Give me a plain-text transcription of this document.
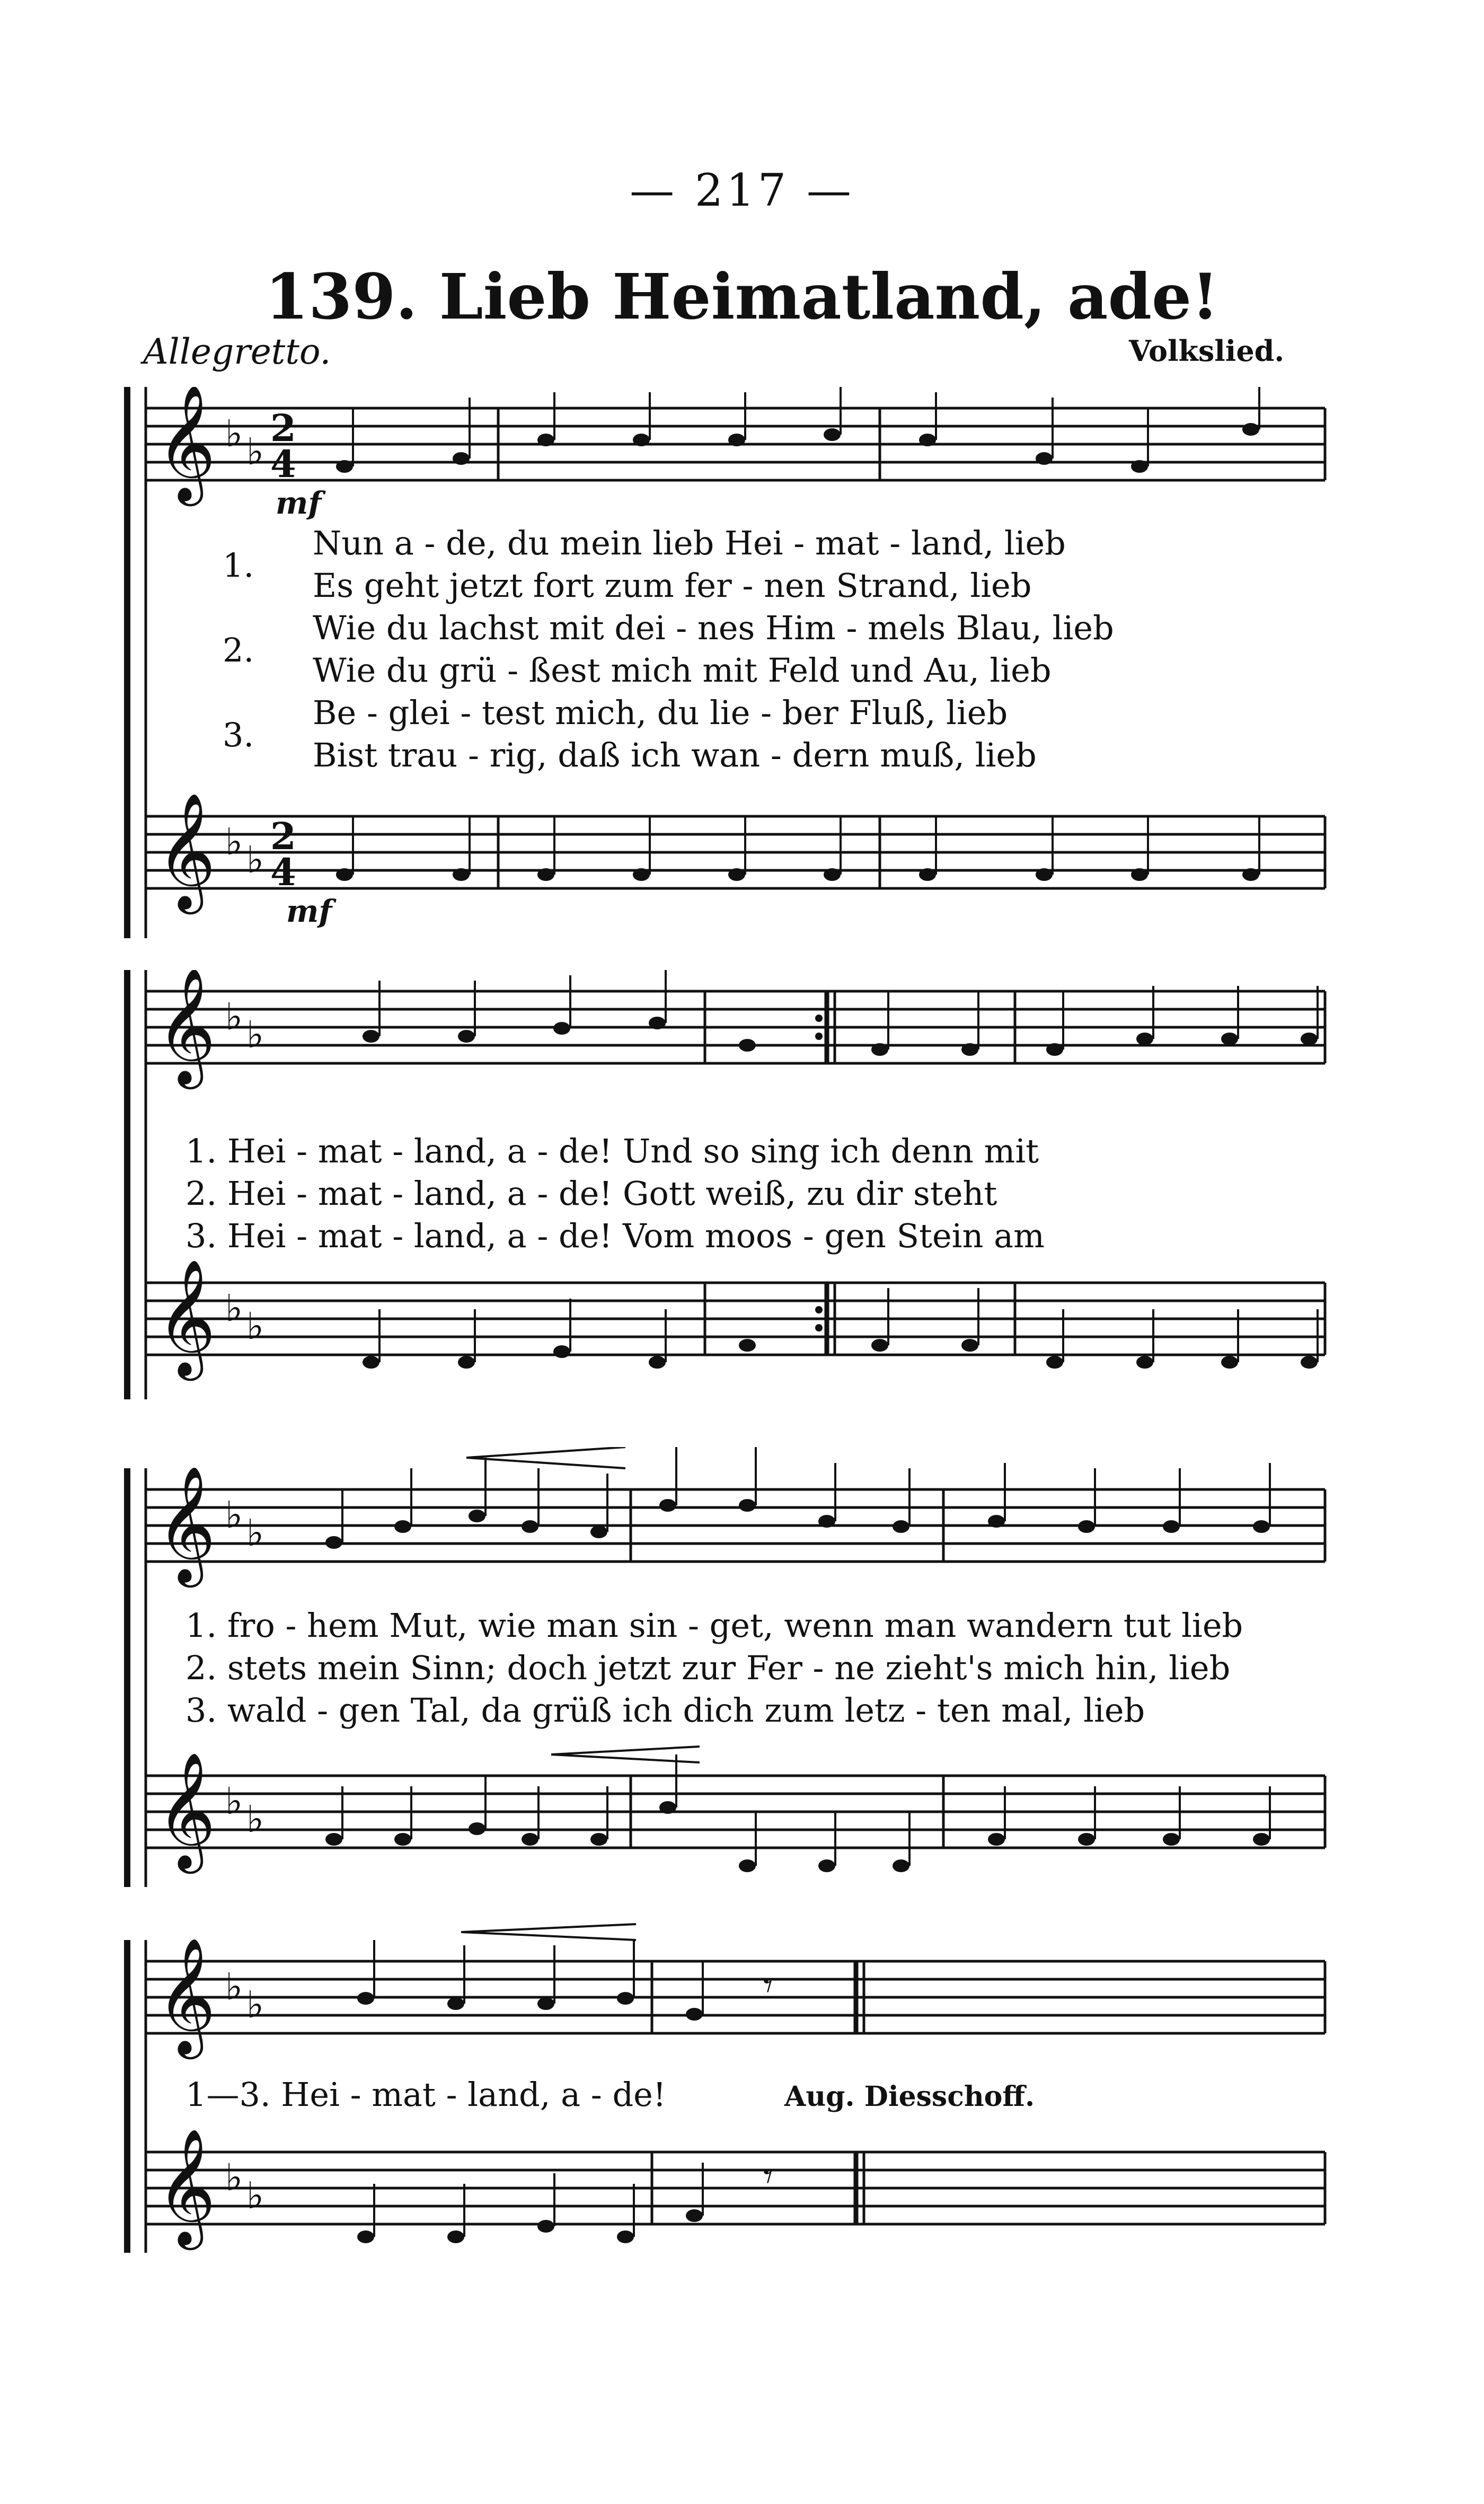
— 217 —
139. Lieb Heimatland, ade!
Allegretto.	Volkslied.
𝄞
𝄞
♭ ♭
♭ ♭
2
4
2
4
mf
mf
1.
2.
3.
Nun a - de, du mein lieb Hei - mat - land, lieb
Es geht jetzt fort zum fer - nen Strand, lieb
Wie du lachst mit dei - nes Him - mels Blau, lieb
Wie du grü - ßest mich mit Feld und Au, lieb
Be - glei - test mich, du lie - ber Fluß, lieb
Bist trau - rig, daß ich wan - dern muß, lieb
𝄞
𝄞
♭ ♭
♭ ♭
1. Hei - mat - land, a - de! Und so sing ich denn mit
2. Hei - mat - land, a - de! Gott weiß, zu dir steht
3. Hei - mat - land, a - de! Vom moos - gen Stein am
𝄞
𝄞
♭ ♭
♭ ♭
1. fro - hem Mut, wie man sin - get, wenn man wandern tut lieb
2. stets mein Sinn; doch jetzt zur Fer - ne zieht's mich hin, lieb
3. wald - gen Tal, da grüß ich dich zum letz - ten mal, lieb
𝄞
𝄞
♭ ♭
♭ ♭
𝄾
𝄾
1—3. Hei - mat - land, a - de!	Aug. Diesschoff.
